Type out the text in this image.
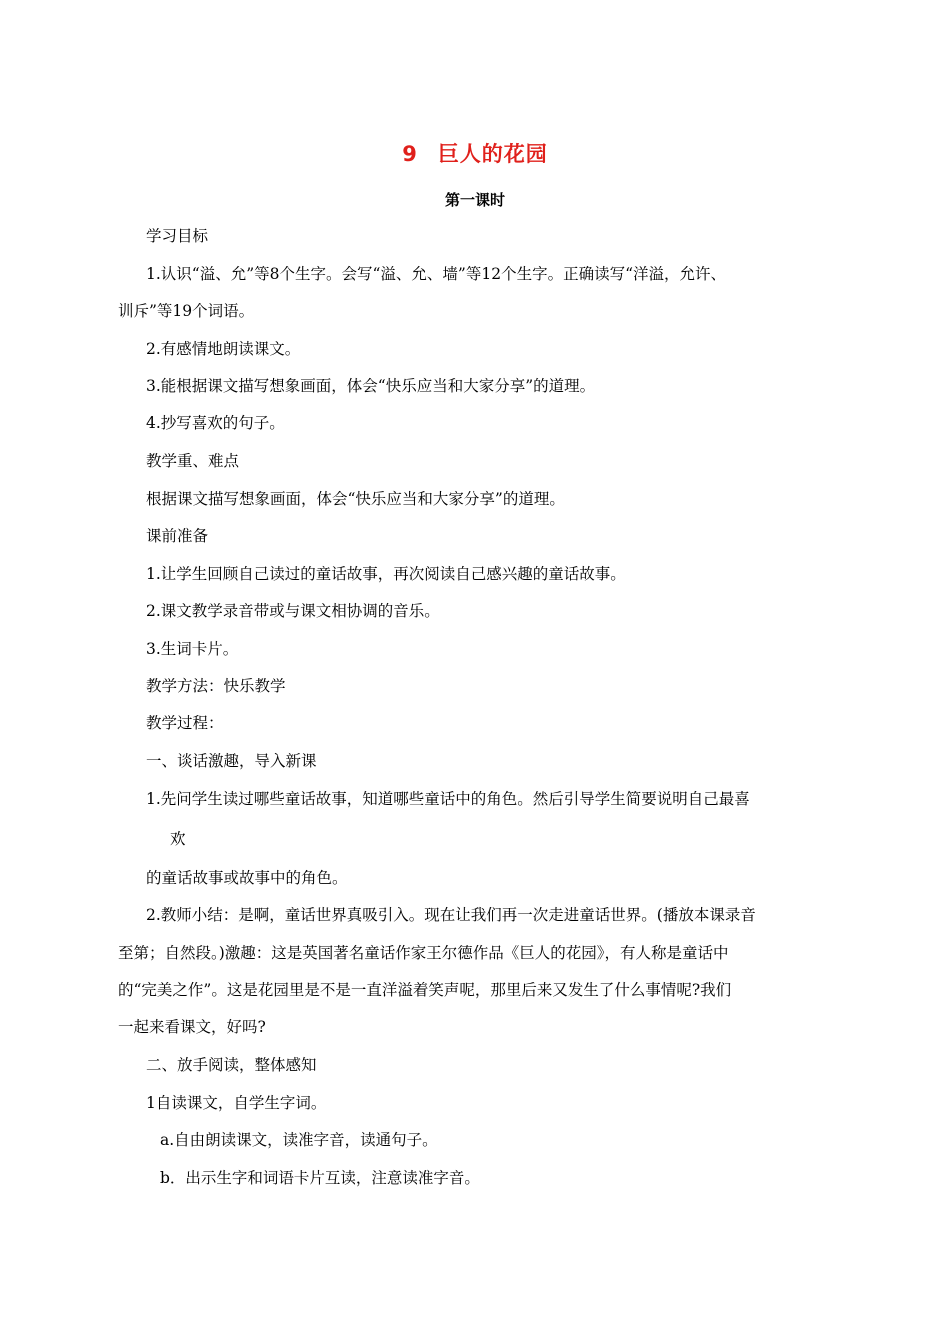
9 巨人的花园
第一课时
学习目标
1.认识“溢、允”等8个生字。会写“溢、允、墙”等12个生字。正确读写“洋溢，允许、
训斥”等19个词语。
2.有感情地朗读课文。
3.能根据课文描写想象画面，体会“快乐应当和大家分享”的道理。
4.抄写喜欢的句子。
教学重、难点
根据课文描写想象画面，体会“快乐应当和大家分享”的道理。
课前准备
1.让学生回顾自己读过的童话故事，再次阅读自己感兴趣的童话故事。
2.课文教学录音带或与课文相协调的音乐。
3.生词卡片。
教学方法：快乐教学
教学过程：
一、谈话激趣，导入新课
1.先问学生读过哪些童话故事，知道哪些童话中的角色。然后引导学生简要说明自己最喜
欢
的童话故事或故事中的角色。
2.教师小结：是啊，童话世界真吸引入。现在让我们再一次走进童话世界。(播放本课录音
至第；自然段。)激趣：这是英国著名童话作家王尔德作品《巨人的花园》，有人称是童话中
的“完美之作”。这是花园里是不是一直洋溢着笑声呢，那里后来又发生了什么事情呢?我们
一起来看课文，好吗?
二、放手阅读，整体感知
1自读课文，自学生字词。
a.自由朗读课文，读准字音，读通句子。
b．出示生字和词语卡片互读，注意读准字音。
